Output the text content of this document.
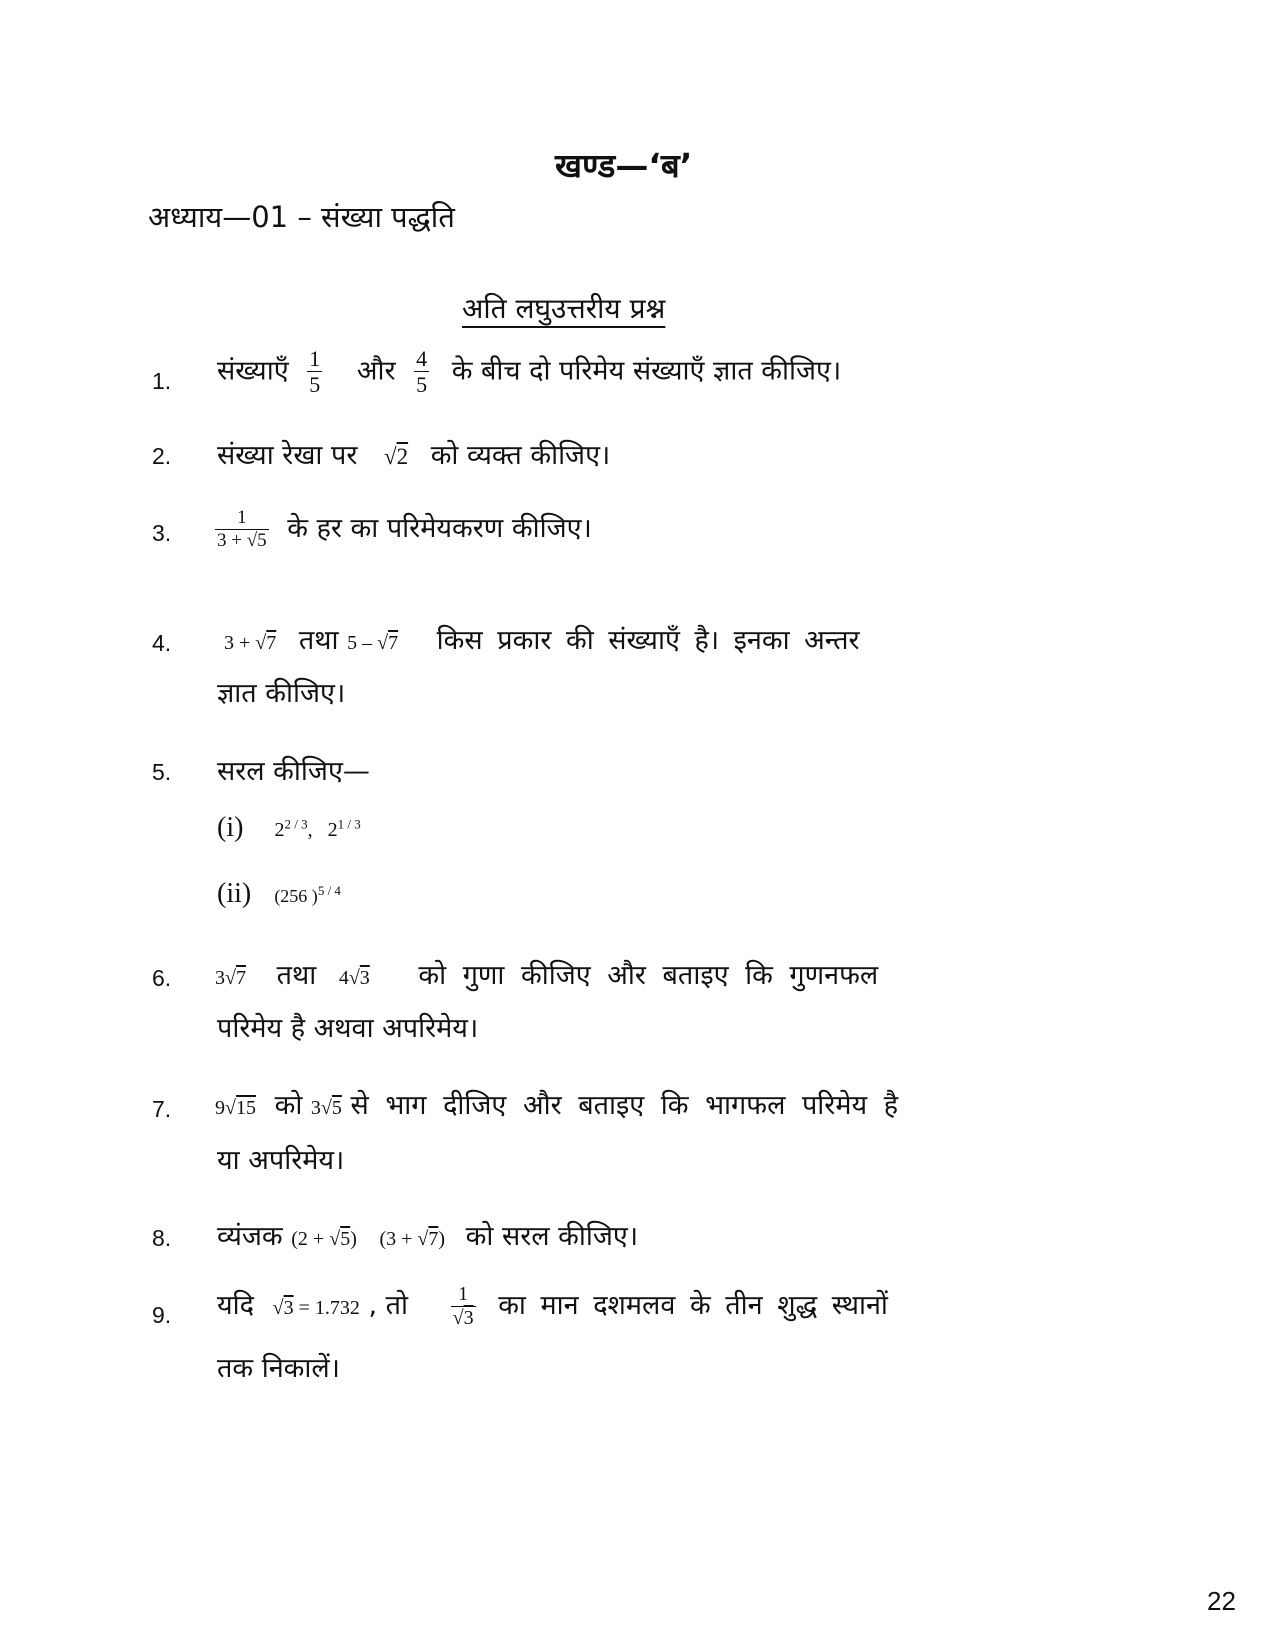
खण्ड—‘ब’
अध्याय—01 – संख्या पद्धति
अति लघुउत्तरीय प्रश्न
1. संख्याएँ $\frac{1}{5}$ और $\frac{4}{5}$ के बीच दो परिमेय संख्याएँ ज्ञात कीजिए।
2. संख्या रेखा पर √2 को व्यक्त कीजिए।
3. $\frac{1}{3 + √5}$ के हर का परिमेयकरण कीजिए।
4.	3 + √7 तथा 5 – √7 किस प्रकार की संख्याएँ है। इनका अन्तर
ज्ञात कीजिए।
5. सरल कीजिए—
(i) $2^{2 / 3}$, $2^{1 / 3}$
(ii) (256 )$^{5 / 4}$
6. 3√7 तथा 4√3 को गुणा कीजिए और बताइए कि गुणनफल
परिमेय है अथवा अपरिमेय।
7. 9√15 को 3√5 से भाग दीजिए और बताइए कि भागफल परिमेय है
या अपरिमेय।
8. व्यंजक (2 + √5) (3 + √7) को सरल कीजिए।
9. यदि √3 = 1.732 , तो $\frac{1}{√3}$ का मान दशमलव के तीन शुद्ध स्थानों
तक निकालें।
22
